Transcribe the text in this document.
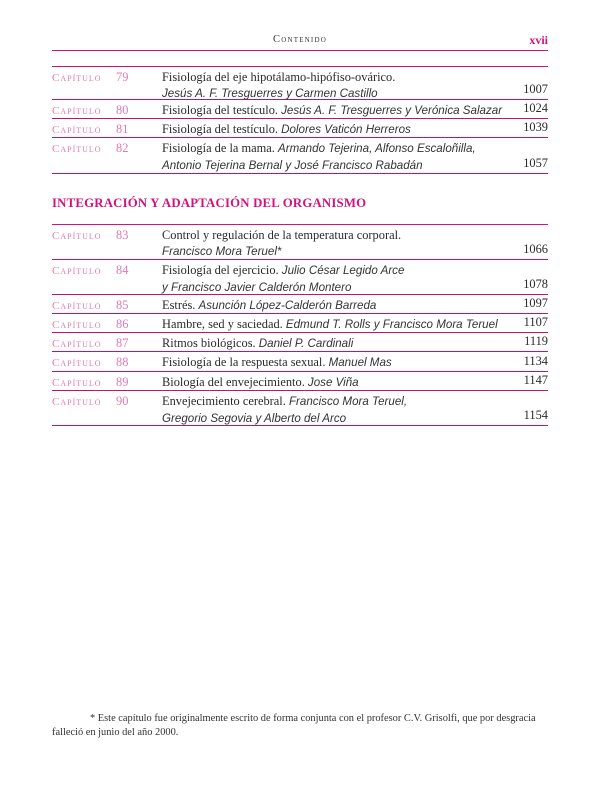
Contenido	xvii
Capítulo 79	Fisiología del eje hipotálamo-hipófiso-ovárico.
Jesús A. F. Tresguerres y Carmen Castillo	1007
Capítulo 80	Fisiología del testículo. Jesús A. F. Tresguerres y Verónica Salazar 1024
Capítulo 81	Fisiología del testículo. Dolores Vaticón Herreros	1039
Capítulo 82	Fisiología de la mama. Armando Tejerina, Alfonso Escaloñilla,
Antonio Tejerina Bernal y José Francisco Rabadán	1057
INTEGRACIÓN Y ADAPTACIÓN DEL ORGANISMO
Capítulo 83	Control y regulación de la temperatura corporal.
Francisco Mora Teruel*	1066
Capítulo 84	Fisiología del ejercicio. Julio César Legido Arce
y Francisco Javier Calderón Montero	1078
Capítulo 85	Estrés. Asunción López-Calderón Barreda	1097
Capítulo 86	Hambre, sed y saciedad. Edmund T. Rolls y Francisco Mora Teruel	1107
Capítulo 87	Ritmos biológicos. Daniel P. Cardinali	1119
Capítulo 88	Fisiología de la respuesta sexual. Manuel Mas	1134
Capítulo 89	Biología del envejecimiento. Jose Viña	1147
Capítulo 90	Envejecimiento cerebral. Francisco Mora Teruel,
Gregorio Segovia y Alberto del Arco	1154
* Este capítulo fue originalmente escrito de forma conjunta con el profesor C.V. Grisolfi, que por desgracia falleció en junio del año 2000.
